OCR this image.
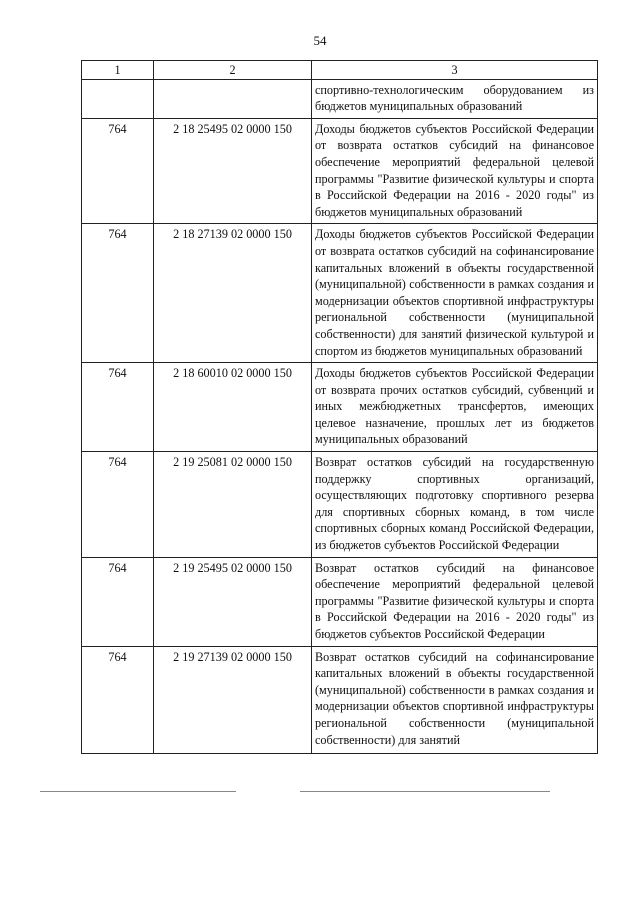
54
1	2	3
		спортивно-технологическим оборудованием из бюджетов муниципальных образований
764	2 18 25495 02 0000 150	Доходы бюджетов субъектов Российской Федерации от возврата остатков субсидий на финансовое обеспечение мероприятий федеральной целевой программы "Развитие физической культуры и спорта в Российской Федерации на 2016 - 2020 годы" из бюджетов муниципальных образований
764	2 18 27139 02 0000 150	Доходы бюджетов субъектов Российской Федерации от возврата остатков субсидий на софинансирование капитальных вложений в объекты государственной (муниципальной) собственности в рамках создания и модернизации объектов спортивной инфраструктуры региональной собственности (муниципальной собственности) для занятий физической культурой и спортом из бюджетов муниципальных образований
764	2 18 60010 02 0000 150	Доходы бюджетов субъектов Российской Федерации от возврата прочих остатков субсидий, субвенций и иных межбюджетных трансфертов, имеющих целевое назначение, прошлых лет из бюджетов муниципальных образований
764	2 19 25081 02 0000 150	Возврат остатков субсидий на государственную поддержку спортивных организаций, осуществляющих подготовку спортивного резерва для спортивных сборных команд, в том числе спортивных сборных команд Российской Федерации, из бюджетов субъектов Российской Федерации
764	2 19 25495 02 0000 150	Возврат остатков субсидий на финансовое обеспечение мероприятий федеральной целевой программы "Развитие физической культуры и спорта в Российской Федерации на 2016 - 2020 годы" из бюджетов субъектов Российской Федерации
764	2 19 27139 02 0000 150	Возврат остатков субсидий на софинансирование капитальных вложений в объекты государственной (муниципальной) собственности в рамках создания и модернизации объектов спортивной инфраструктуры региональной собственности (муниципальной собственности) для занятий
